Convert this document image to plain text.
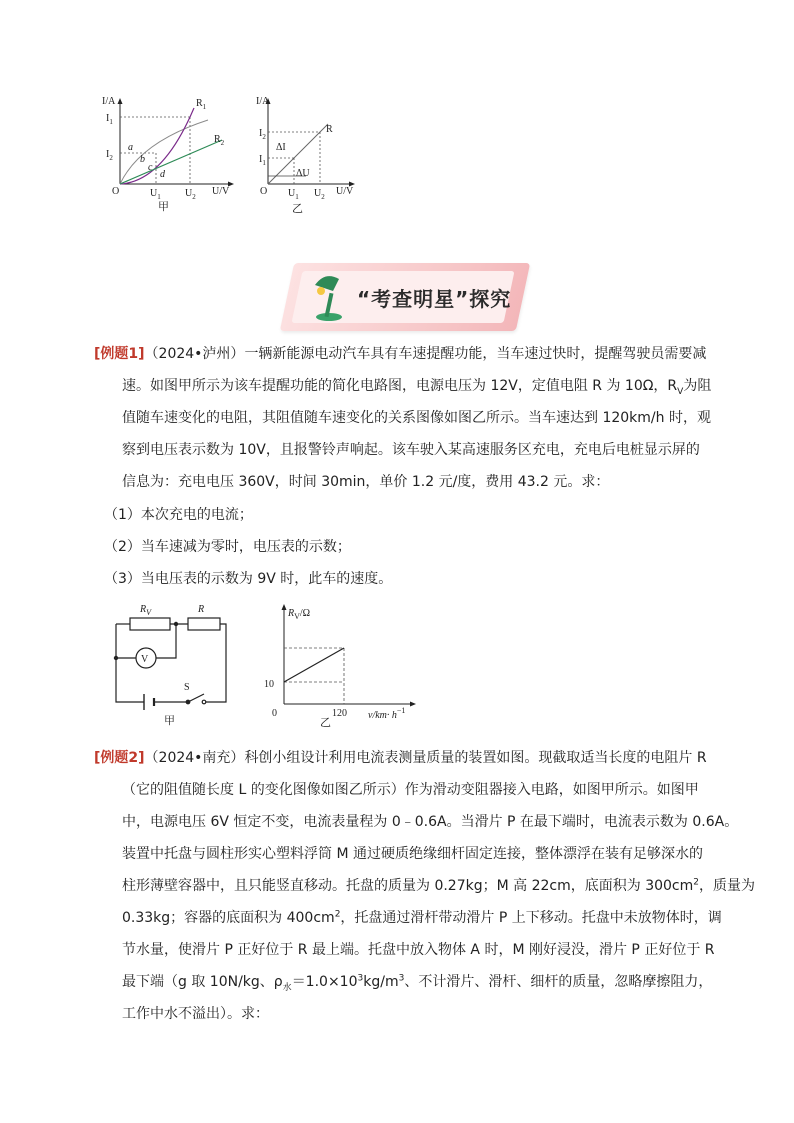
I/A
$I_1$
$I_2$
O	$U_1$ $U_2$ U/V
$R_1$
$R_2$
a
b
c
d
甲
I/A
$I_2$
$I_1$
ΔI
ΔU
O $U_1$ $U_2$ U/V
R
乙
“考查明星”探究
[例题1]（2024•泸州）一辆新能源电动汽车具有车速提醒功能，当车速过快时，提醒驾驶员需要减
速。如图甲所示为该车提醒功能的简化电路图，电源电压为 12V，定值电阻 R 为 10Ω，$R_V$为阻
值随车速变化的电阻，其阻值随车速变化的关系图像如图乙所示。当车速达到 120km/h 时，观
察到电压表示数为 10V，且报警铃声响起。该车驶入某高速服务区充电，充电后电桩显示屏的
信息为：充电电压 360V，时间 30min，单价 1.2 元/度，费用 43.2 元。求：
（1）本次充电的电流；
（2）当车速减为零时，电压表的示数；
（3）当电压表的示数为 9V 时，此车的速度。
$R_V$	R
V
S
甲
$R_V/\Omega$
10
0	120 $v/km\cdot h^{-1}$
乙
[例题2]（2024•南充）科创小组设计利用电流表测量质量的装置如图。现截取适当长度的电阻片 R
（它的阻值随长度 L 的变化图像如图乙所示）作为滑动变阻器接入电路，如图甲所示。如图甲
中，电源电压 6V 恒定不变，电流表量程为 0﹣0.6A。当滑片 P 在最下端时，电流表示数为 0.6A。
装置中托盘与圆柱形实心塑料浮筒 M 通过硬质绝缘细杆固定连接，整体漂浮在装有足够深水的
柱形薄壁容器中，且只能竖直移动。托盘的质量为 0.27kg；M 高 22cm，底面积为 $300cm^2$，质量为
0.33kg；容器的底面积为 $400cm^2$，托盘通过滑杆带动滑片 P 上下移动。托盘中未放物体时，调
节水量，使滑片 P 正好位于 R 最上端。托盘中放入物体 A 时，M 刚好浸没，滑片 P 正好位于 R
最下端（g 取 10N/kg、$\rho_水=1.0\times 10^3kg/m^3$、不计滑片、滑杆、细杆的质量，忽略摩擦阻力，
工作中水不溢出）。求：
